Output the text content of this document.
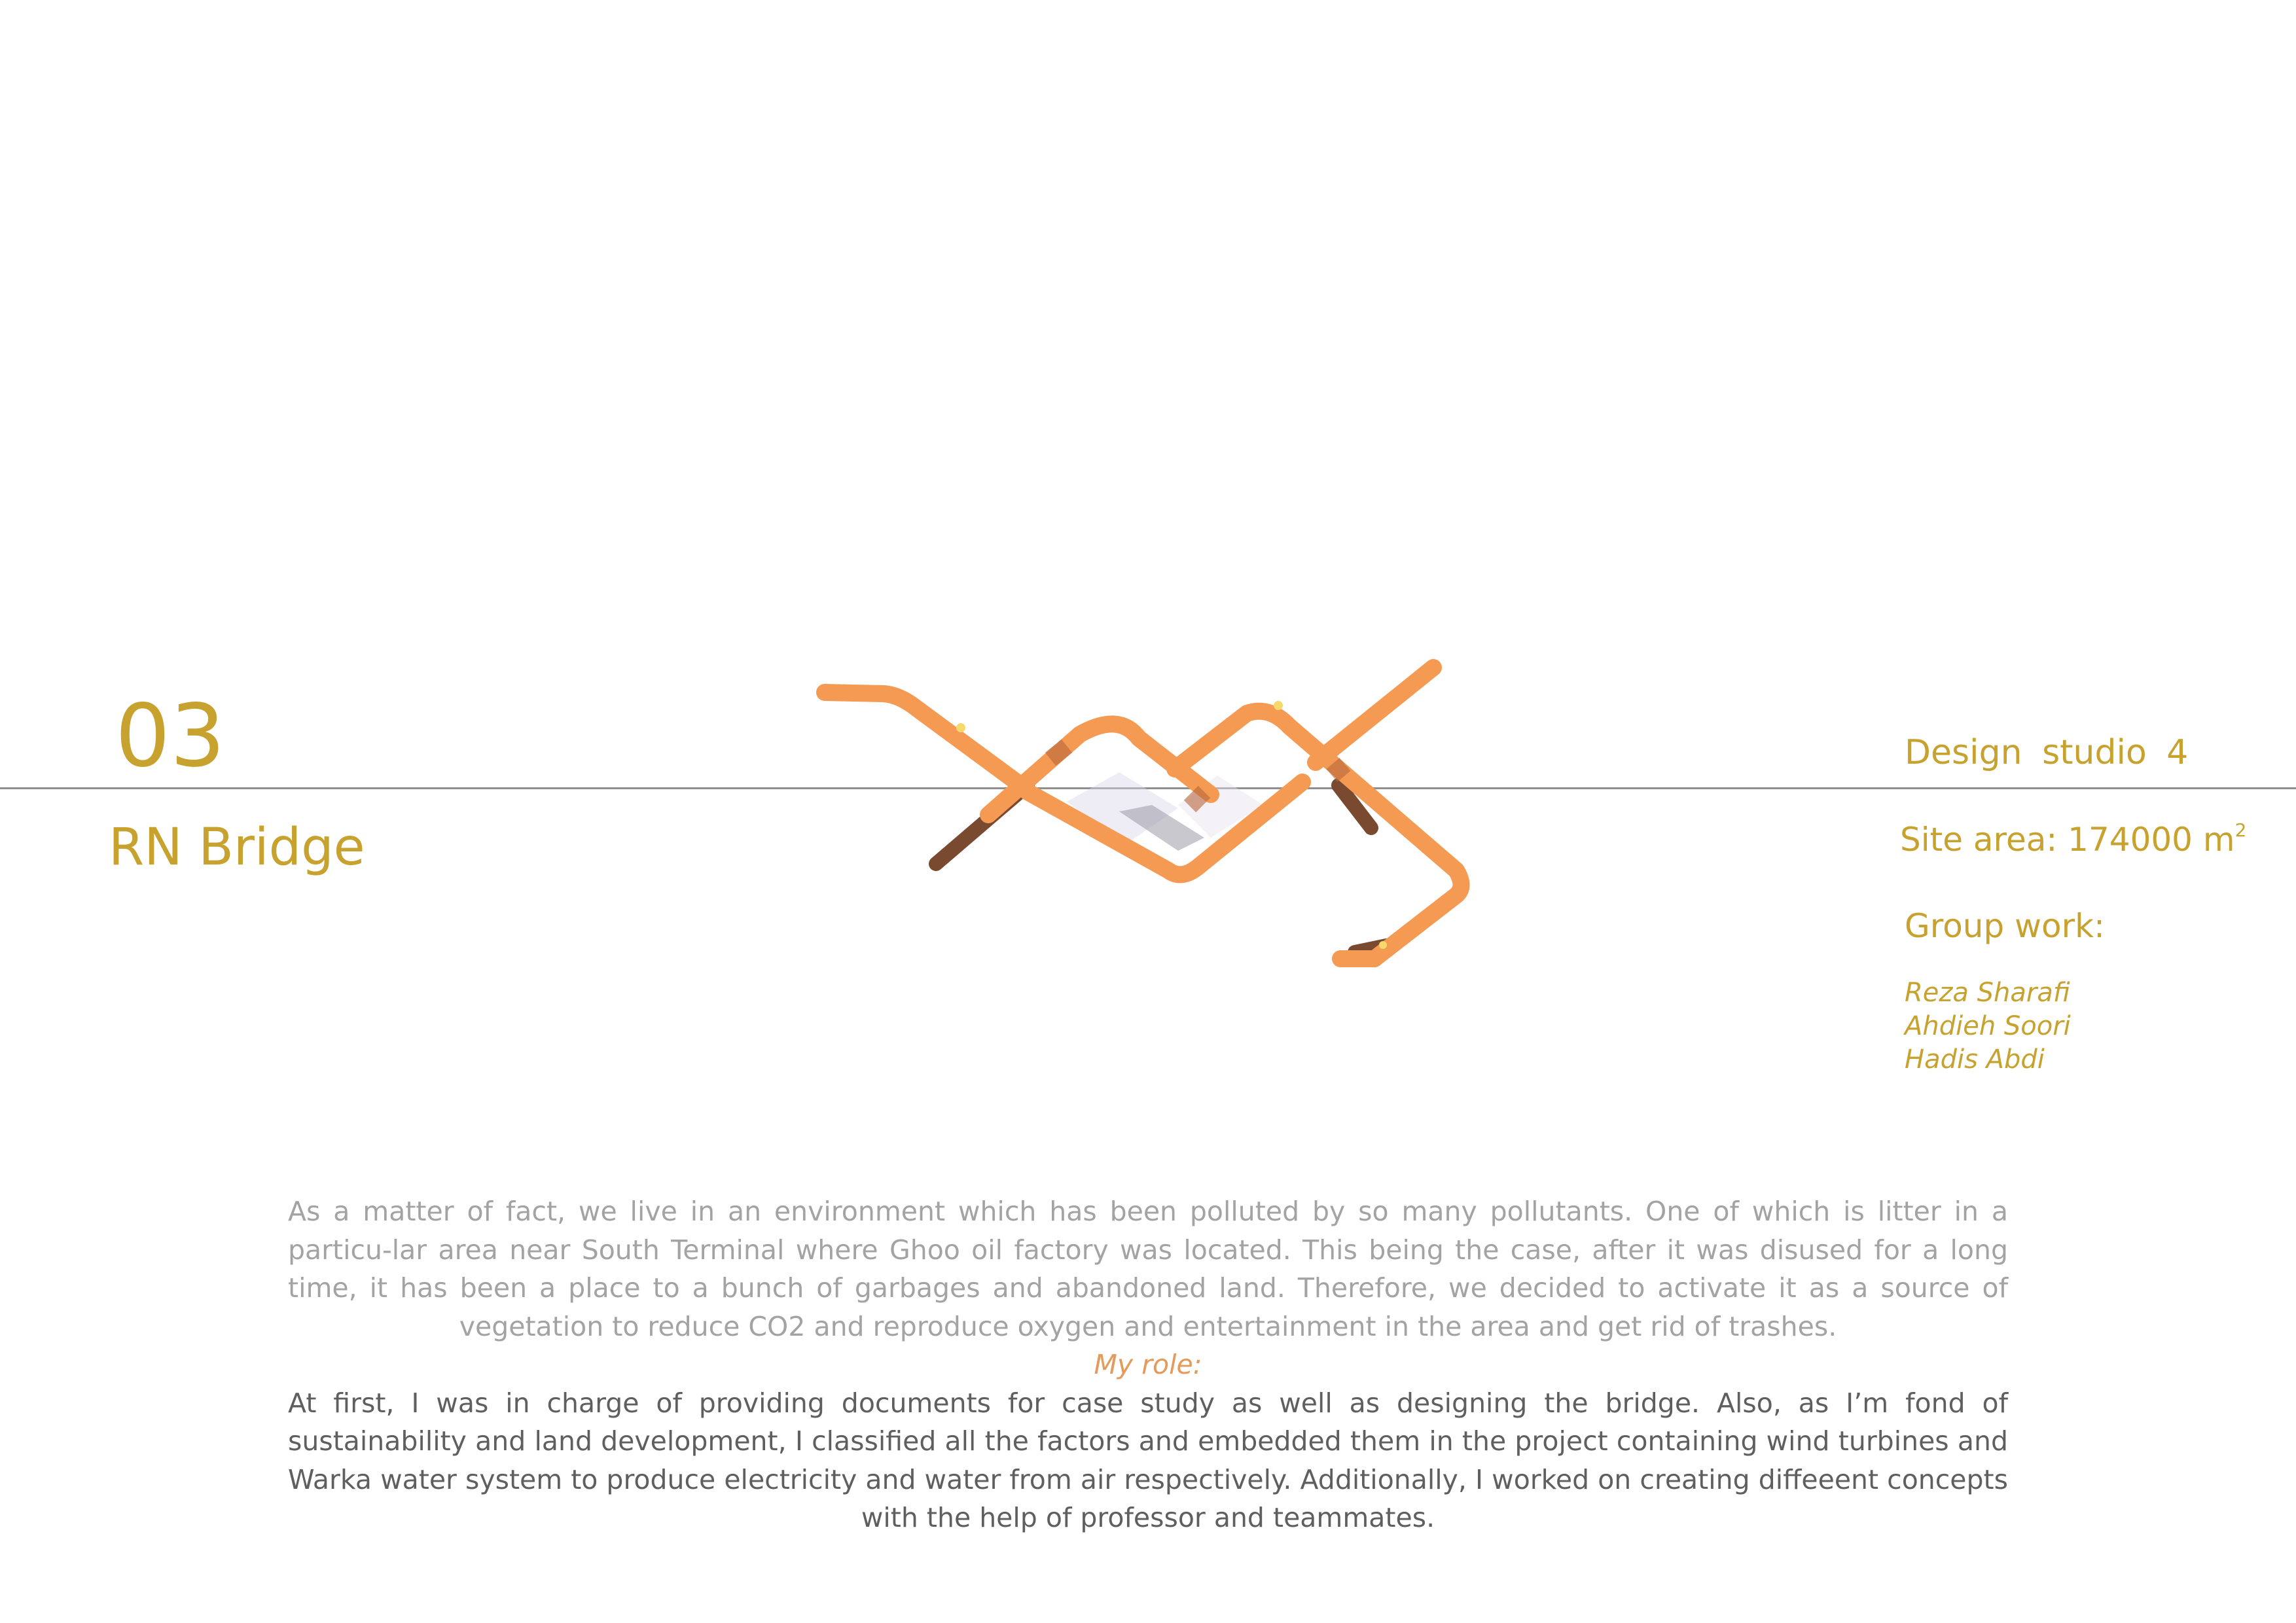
03
RN Bridge
Design studio 4
Site area: 174000 $m^2$
Group work:
Reza Sharafi
Ahdieh Soori
Hadis Abdi

As a matter of fact, we live in an environment which has been polluted by so many pollutants. One of which is litter in a particu-lar area near South Terminal where Ghoo oil factory was located. This being the case, after it was disused for a long time, it has been a place to a bunch of garbages and abandoned land. Therefore, we decided to activate it as a source of vegetation to reduce CO2 and reproduce oxygen and entertainment in the area and get rid of trashes.

My role:

At first, I was in charge of providing documents for case study as well as designing the bridge. Also, as I’m fond of sustainability and land development, I classified all the factors and embedded them in the project containing wind turbines and Warka water system to produce electricity and water from air respectively. Additionally, I worked on creating diffeeent concepts with the help of professor and teammates.
